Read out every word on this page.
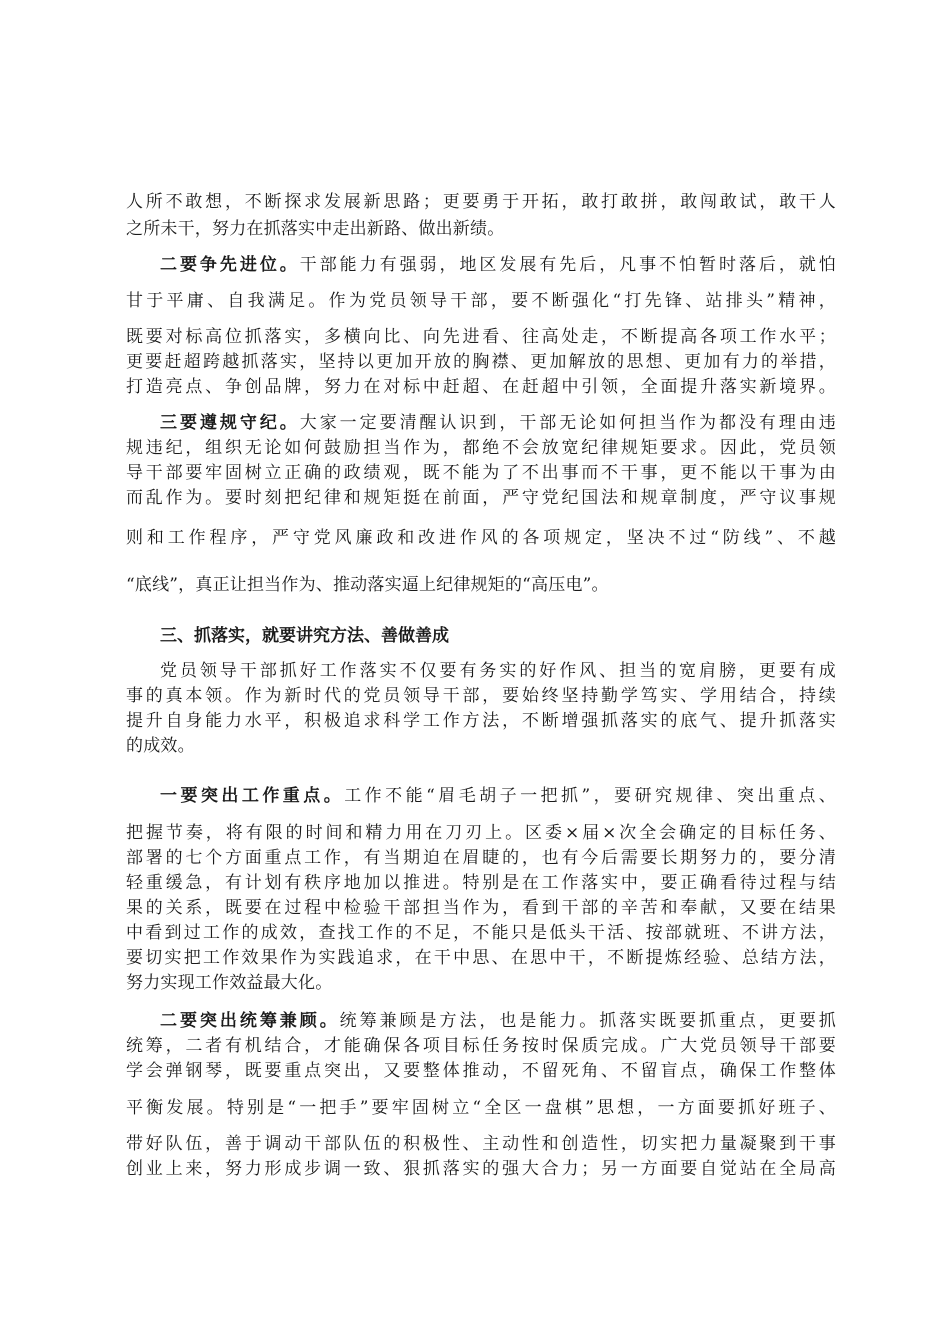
人所不敢想，不断探求发展新思路；更要勇于开拓，敢打敢拼，敢闯敢试，敢干人
之所未干，努力在抓落实中走出新路、做出新绩。
二要争先进位。干部能力有强弱，地区发展有先后，凡事不怕暂时落后，就怕
甘于平庸、自我满足。作为党员领导干部，要不断强化“打先锋、站排头”精神，
既要对标高位抓落实，多横向比、向先进看、往高处走，不断提高各项工作水平；
更要赶超跨越抓落实，坚持以更加开放的胸襟、更加解放的思想、更加有力的举措，
打造亮点、争创品牌，努力在对标中赶超、在赶超中引领，全面提升落实新境界。
三要遵规守纪。大家一定要清醒认识到，干部无论如何担当作为都没有理由违
规违纪，组织无论如何鼓励担当作为，都绝不会放宽纪律规矩要求。因此，党员领
导干部要牢固树立正确的政绩观，既不能为了不出事而不干事，更不能以干事为由
而乱作为。要时刻把纪律和规矩挺在前面，严守党纪国法和规章制度，严守议事规
则和工作程序，严守党风廉政和改进作风的各项规定，坚决不过“防线”、不越
“底线”，真正让担当作为、推动落实逼上纪律规矩的“高压电”。
三、抓落实，就要讲究方法、善做善成
党员领导干部抓好工作落实不仅要有务实的好作风、担当的宽肩膀，更要有成
事的真本领。作为新时代的党员领导干部，要始终坚持勤学笃实、学用结合，持续
提升自身能力水平，积极追求科学工作方法，不断增强抓落实的底气、提升抓落实
的成效。
一要突出工作重点。工作不能“眉毛胡子一把抓”，要研究规律、突出重点、
把握节奏，将有限的时间和精力用在刀刃上。区委×届×次全会确定的目标任务、
部署的七个方面重点工作，有当期迫在眉睫的，也有今后需要长期努力的，要分清
轻重缓急，有计划有秩序地加以推进。特别是在工作落实中，要正确看待过程与结
果的关系，既要在过程中检验干部担当作为，看到干部的辛苦和奉献，又要在结果
中看到过工作的成效，查找工作的不足，不能只是低头干活、按部就班、不讲方法，
要切实把工作效果作为实践追求，在干中思、在思中干，不断提炼经验、总结方法，
努力实现工作效益最大化。
二要突出统筹兼顾。统筹兼顾是方法，也是能力。抓落实既要抓重点，更要抓
统筹，二者有机结合，才能确保各项目标任务按时保质完成。广大党员领导干部要
学会弹钢琴，既要重点突出，又要整体推动，不留死角、不留盲点，确保工作整体
平衡发展。特别是“一把手”要牢固树立“全区一盘棋”思想，一方面要抓好班子、
带好队伍，善于调动干部队伍的积极性、主动性和创造性，切实把力量凝聚到干事
创业上来，努力形成步调一致、狠抓落实的强大合力；另一方面要自觉站在全局高
